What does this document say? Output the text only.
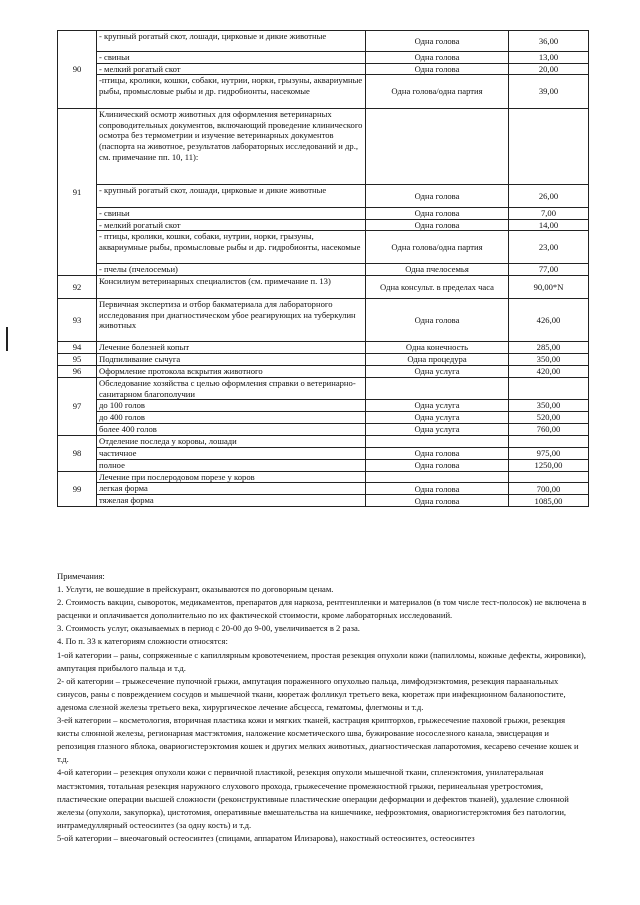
90	- крупный рогатый скот, лошади, цирковые и дикие животные	Одна голова	36,00
	- свиньи	Одна голова	13,00
	- мелкий рогатый скот	Одна голова	20,00
	-птицы, кролики, кошки, собаки, нутрии, норки, грызуны, аквариумные рыбы, промысловые рыбы и др. гидробионты, насекомые	Одна голова/одна партия	39,00
91	Клинический осмотр животных для оформления ветеринарных сопроводительных документов, включающий проведение клинического осмотра без термометрии и изучение ветеринарных документов (паспорта на животное, результатов лабораторных исследований и др., см. примечание пп. 10, 11):		
	- крупный рогатый скот, лошади, цирковые и дикие животные	Одна голова	26,00
	- свиньи	Одна голова	7,00
	- мелкий рогатый скот	Одна голова	14,00
	- птицы, кролики, кошки, собаки, нутрии, норки, грызуны, аквариумные рыбы, промысловые рыбы и др. гидробионты, насекомые	Одна голова/одна партия	23,00
	- пчелы (пчелосемьи)	Одна пчелосемья	77,00
92	Консилиум ветеринарных специалистов (см. примечание п. 13)	Одна консульт. в пределах часа	90,00*N
93	Первичная экспертиза и отбор бакматериала для лабораторного исследования при диагностическом убое реагирующих на туберкулин животных	Одна голова	426,00
94	Лечение болезней копыт	Одна конечность	285,00
95	Подпиливание сычуга	Одна процедура	350,00
96	Оформление протокола вскрытия животного	Одна услуга	420,00
97	Обследование хозяйства с целью оформления справки о ветеринарно-санитарном благополучии		
	до 100 голов	Одна услуга	350,00
	до 400 голов	Одна услуга	520,00
	более 400 голов	Одна услуга	760,00
98	Отделение последа у коровы, лошади		
	частичное	Одна голова	975,00
	полное	Одна голова	1250,00
99	Лечение при послеродовом порезе у коров		
	легкая форма	Одна голова	700,00
	тяжелая форма	Одна голова	1085,00

Примечания:

1. Услуги, не вошедшие в прейскурант, оказываются по договорным ценам.

2. Стоимость вакцин, сывороток, медикаментов, препаратов для наркоза, рентгенпленки и материалов (в том числе тест-полосок) не включена в расценки и оплачивается дополнительно по их фактической стоимости, кроме лабораторных исследований.

3. Стоимость услуг, оказываемых в период с 20-00 до 9-00, увеличивается в 2 раза.

4. По п. 33 к категориям сложности относятся:

1-ой категории – раны, сопряженные с капиллярным кровотечением, простая резекция опухоли кожи (папилломы, кожные дефекты, жировики), ампутация прибылого пальца и т.д.

2- ой категории – грыжесечение пупочной грыжи, ампутация пораженного опухолью пальца, лимфодэнэктомия, резекция параанальных синусов, раны с повреждением сосудов и мышечной ткани, кюретаж фолликул третьего века, кюретаж при инфекционном баланопостите, аденома слезной железы третьего века, хирургическое лечение абсцесса, гематомы, флегмоны и т.д.

3-ей категории – косметология, вторичная пластика кожи и мягких тканей, кастрация крипторхов, грыжесечение паховой грыжи, резекция кисты слюнной железы, регионарная мастэктомия, наложение косметического шва, бужирование носослезного канала, эвисцерация и репозиция глазного яблока, овариогистерэктомия кошек и других мелких животных, диагностическая лапаротомия, кесарево сечение кошек и т.д.

4-ой категории – резекция опухоли кожи с первичной пластикой, резекция опухоли мышечной ткани, спленэктомия, унилатеральная мастэктомия, тотальная резекция наружного слухового прохода, грыжесечение промежностной грыжи, перинеальная уретростомия, пластические операции высшей сложности (реконструктивные пластические операции деформации и дефектов тканей), удаление слюнной железы (опухоли, закупорка), цистотомия, оперативные вмешательства на кишечнике, нефроэктомия, овариогистерэктомия без патологии, интрамедуллярный остеосинтез (за одну кость) и т.д.

5-ой категории – внеочаговый остеосинтез (спицами, аппаратом Илизарова), накостный остеосинтез, остеосинтез
